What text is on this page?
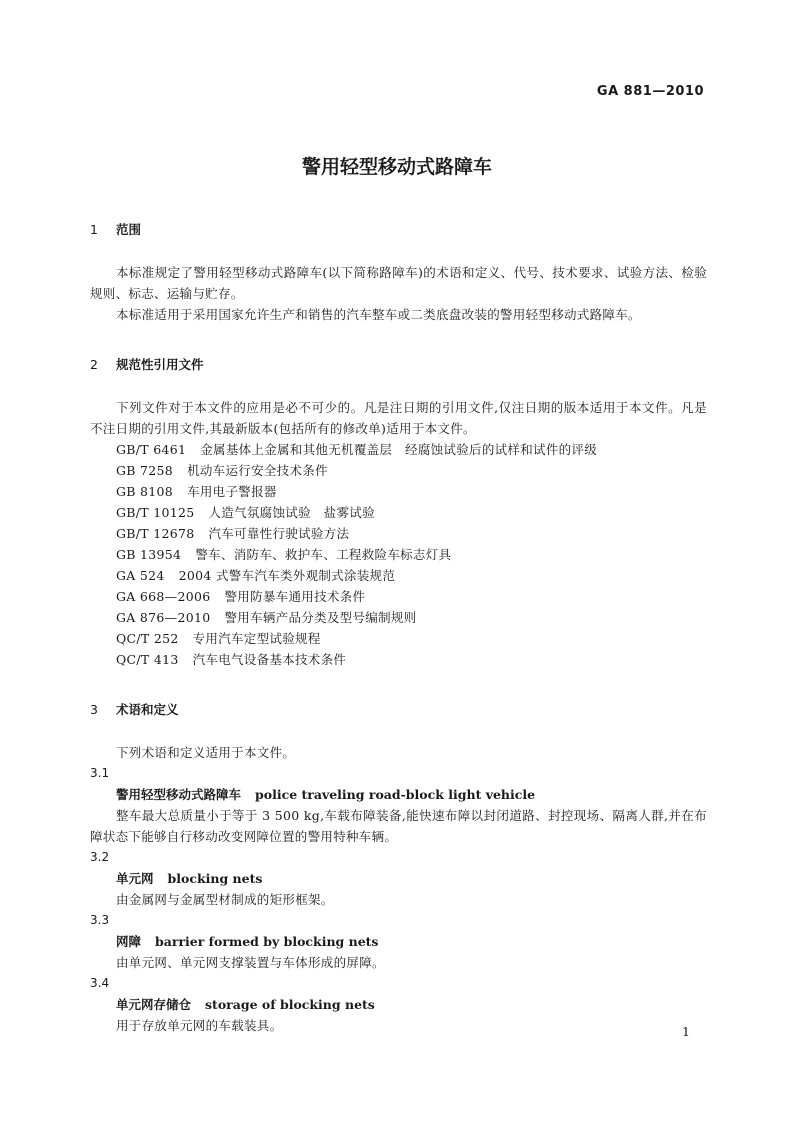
GA 881—2010
警用轻型移动式路障车
1 范围

本标准规定了警用轻型移动式路障车(以下简称路障车)的术语和定义、代号、技术要求、试验方法、检验规则、标志、运输与贮存。

本标准适用于采用国家允许生产和销售的汽车整车或二类底盘改装的警用轻型移动式路障车。

2 规范性引用文件

下列文件对于本文件的应用是必不可少的。凡是注日期的引用文件,仅注日期的版本适用于本文件。凡是不注日期的引用文件,其最新版本(包括所有的修改单)适用于本文件。

GB/T 6461 金属基体上金属和其他无机覆盖层　经腐蚀试验后的试样和试件的评级
GB 7258 机动车运行安全技术条件
GB 8108 车用电子警报器
GB/T 10125 人造气氛腐蚀试验　盐雾试验
GB/T 12678 汽车可靠性行驶试验方法
GB 13954 警车、消防车、救护车、工程救险车标志灯具
GA 524 2004 式警车汽车类外观制式涂装规范
GA 668—2006 警用防暴车通用技术条件
GA 876—2010 警用车辆产品分类及型号编制规则
QC/T 252 专用汽车定型试验规程
QC/T 413 汽车电气设备基本技术条件
3 术语和定义

下列术语和定义适用于本文件。

3.1
警用轻型移动式路障车 police traveling road-block light vehicle

整车最大总质量小于等于 3 500 kg,车载布障装备,能快速布障以封闭道路、封控现场、隔离人群,并在布障状态下能够自行移动改变网障位置的警用特种车辆。

3.2
单元网 blocking nets

由金属网与金属型材制成的矩形框架。

3.3
网障 barrier formed by blocking nets

由单元网、单元网支撑装置与车体形成的屏障。

3.4
单元网存储仓 storage of blocking nets

用于存放单元网的车载装具。	1
